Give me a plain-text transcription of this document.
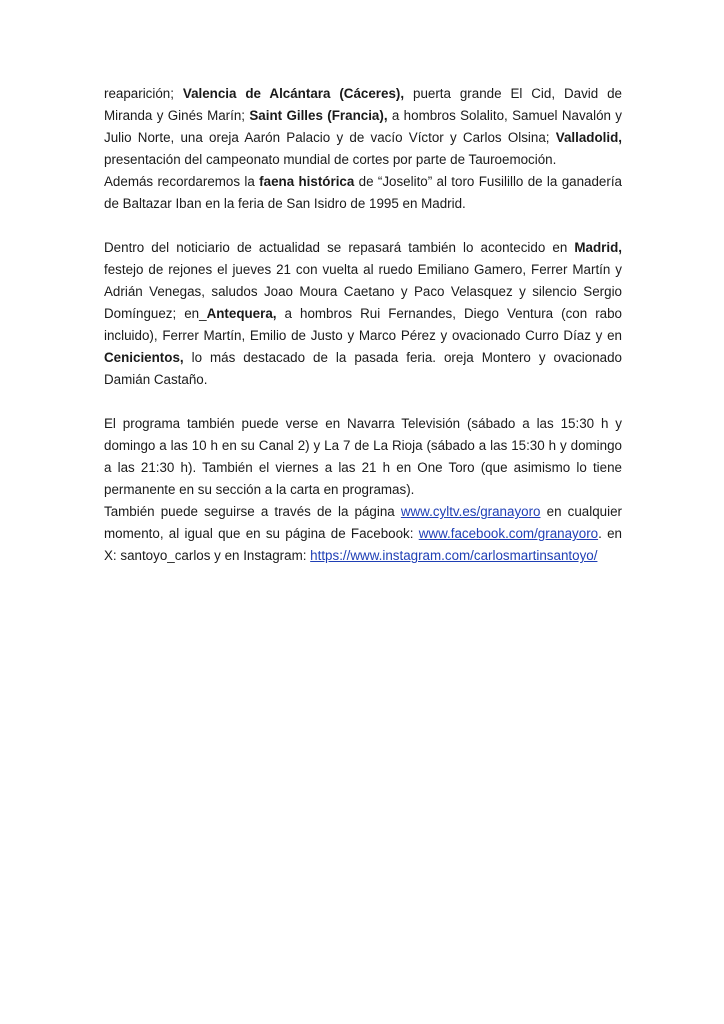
reaparición; Valencia de Alcántara (Cáceres), puerta grande El Cid, David de Miranda y Ginés Marín; Saint Gilles (Francia), a hombros Solalito, Samuel Navalón y Julio Norte, una oreja Aarón Palacio y de vacío Víctor y Carlos Olsina; Valladolid, presentación del campeonato mundial de cortes por parte de Tauroemoción.

Además recordaremos la faena histórica de “Joselito” al toro Fusilillo de la ganadería de Baltazar Iban en la feria de San Isidro de 1995 en Madrid.

Dentro del noticiario de actualidad se repasará también lo acontecido en Madrid, festejo de rejones el jueves 21 con vuelta al ruedo Emiliano Gamero, Ferrer Martín y Adrián Venegas, saludos Joao Moura Caetano y Paco Velasquez y silencio Sergio Domínguez; en_Antequera, a hombros Rui Fernandes, Diego Ventura (con rabo incluido), Ferrer Martín, Emilio de Justo y Marco Pérez y ovacionado Curro Díaz y en Cenicientos, lo más destacado de la pasada feria. oreja Montero y ovacionado Damián Castaño.

El programa también puede verse en Navarra Televisión (sábado a las 15:30 h y domingo a las 10 h en su Canal 2) y La 7 de La Rioja (sábado a las 15:30 h y domingo a las 21:30 h). También el viernes a las 21 h en One Toro (que asimismo lo tiene permanente en su sección a la carta en programas).

También puede seguirse a través de la página www.cyltv.es/granayoro en cualquier momento, al igual que en su página de Facebook: www.facebook.com/granayoro. en X: santoyo_carlos y en Instagram: https://www.instagram.com/carlosmartinsantoyo/
